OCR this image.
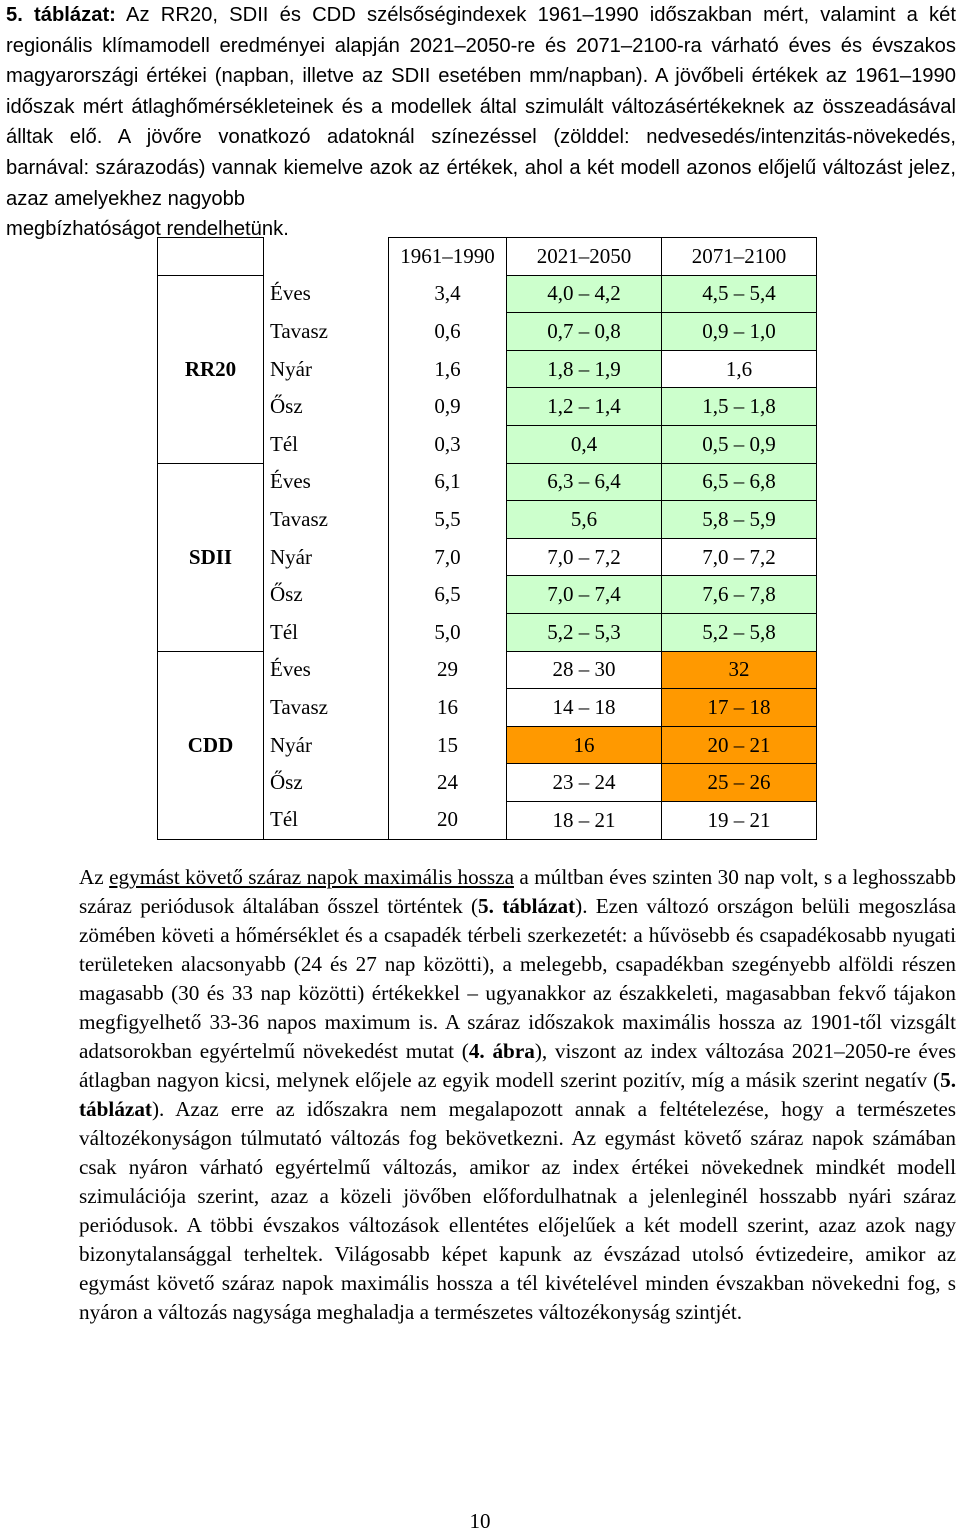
5. táblázat: Az RR20, SDII és CDD szélsőségindexek 1961–1990 időszakban mért, valamint a két regionális klímamodell eredményei alapján 2021–2050-re és 2071–2100-ra várható éves és évszakos magyarországi értékei (napban, illetve az SDII esetében mm/napban). A jövőbeli értékek az 1961–1990 időszak mért átlaghőmérsékleteinek és a modellek által szimulált változásértékeknek az összeadásával álltak elő. A jövőre vonatkozó adatoknál színezéssel (zölddel: nedvesedés/intenzitás-növekedés, barnával: szárazodás) vannak kiemelve azok az értékek, ahol a két modell azonos előjelű változást jelez, azaz amelyekhez nagyobb
megbízhatóságot rendelhetünk.
		1961–1990	2021–2050	2071–2100
RR20	Éves	3,4	4,0 – 4,2	4,5 – 5,4
	Tavasz	0,6	0,7 – 0,8	0,9 – 1,0
	Nyár	1,6	1,8 – 1,9	1,6
	Ősz	0,9	1,2 – 1,4	1,5 – 1,8
	Tél	0,3	0,4	0,5 – 0,9
SDII	Éves	6,1	6,3 – 6,4	6,5 – 6,8
	Tavasz	5,5	5,6	5,8 – 5,9
	Nyár	7,0	7,0 – 7,2	7,0 – 7,2
	Ősz	6,5	7,0 – 7,4	7,6 – 7,8
	Tél	5,0	5,2 – 5,3	5,2 – 5,8
CDD	Éves	29	28 – 30	32
	Tavasz	16	14 – 18	17 – 18
	Nyár	15	16	20 – 21
	Ősz	24	23 – 24	25 – 26
	Tél	20	18 – 21	19 – 21
Az egymást követő száraz napok maximális hossza a múltban éves szinten 30 nap volt, s a leghosszabb száraz periódusok általában ősszel történtek (5. táblázat). Ezen változó országon belüli megoszlása zömében követi a hőmérséklet és a csapadék térbeli szerkezetét: a hűvösebb és csapadékosabb nyugati területeken alacsonyabb (24 és 27 nap közötti), a melegebb, csapadékban szegényebb alföldi részen magasabb (30 és 33 nap közötti) értékekkel – ugyanakkor az északkeleti, magasabban fekvő tájakon megfigyelhető 33-36 napos maximum is. A száraz időszakok maximális hossza az 1901-től vizsgált adatsorokban egyértelmű növekedést mutat (4. ábra), viszont az index változása 2021–2050-re éves átlagban nagyon kicsi, melynek előjele az egyik modell szerint pozitív, míg a másik szerint negatív (5. táblázat). Azaz erre az időszakra nem megalapozott annak a feltételezése, hogy a természetes változékonyságon túlmutató változás fog bekövetkezni. Az egymást követő száraz napok számában csak nyáron várható egyértelmű változás, amikor az index értékei növekednek mindkét modell szimulációja szerint, azaz a közeli jövőben előfordulhatnak a jelenleginél hosszabb nyári száraz periódusok. A többi évszakos változások ellentétes előjelűek a két modell szerint, azaz azok nagy bizonytalansággal terheltek. Világosabb képet kapunk az évszázad utolsó évtizedeire, amikor az egymást követő száraz napok maximális hossza a tél kivételével minden évszakban növekedni fog, s nyáron a változás nagysága meghaladja a természetes változékonyság szintjét.
10
